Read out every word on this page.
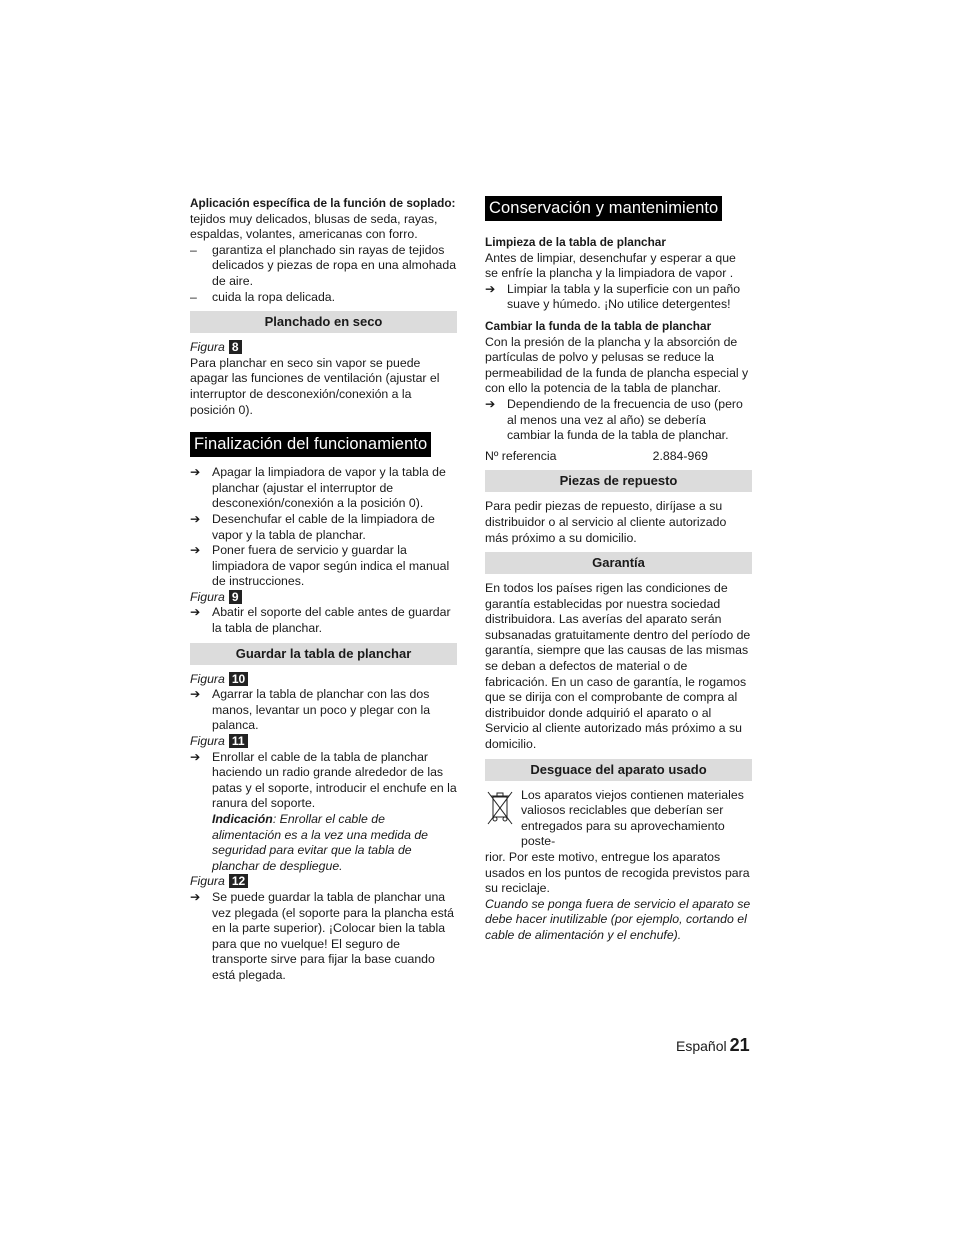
Aplicación específica de la función de soplado:

tejidos muy delicados, blusas de seda, rayas, espaldas, volantes, americanas con forro.

– garantiza el planchado sin rayas de tejidos delicados y piezas de ropa en una almohada de aire.

– cuida la ropa delicada.

Planchado en seco

Figura 8

Para planchar en seco sin vapor se puede apagar las funciones de ventilación (ajustar el interruptor de desconexión/conexión a la posición 0).

Finalización del funcionamiento

➔ Apagar la limpiadora de vapor y la tabla de planchar (ajustar el interruptor de desconexión/conexión a la posición 0).

➔ Desenchufar el cable de la limpiadora de vapor y la tabla de planchar.

➔ Poner fuera de servicio y guardar la limpiadora de vapor según indica el manual de instrucciones.

Figura 9

➔ Abatir el soporte del cable antes de guardar la tabla de planchar.

Guardar la tabla de planchar

Figura 10

➔ Agarrar la tabla de planchar con las dos manos, levantar un poco y plegar con la palanca.

Figura 11

➔ Enrollar el cable de la tabla de planchar haciendo un radio grande alrededor de las patas y el soporte, introducir el enchufe en la ranura del soporte.

Indicación: Enrollar el cable de alimentación es a la vez una medida de seguridad para evitar que la tabla de planchar de despliegue.

Figura 12

➔ Se puede guardar la tabla de planchar una vez plegada (el soporte para la plancha está en la parte superior). ¡Colocar bien la tabla para que no vuelque! El seguro de transporte sirve para fijar la base cuando está plegada.

Conservación y mantenimiento

Limpieza de la tabla de planchar

Antes de limpiar, desenchufar y esperar a que se enfríe la plancha y la limpiadora de vapor .

➔ Limpiar la tabla y la superficie con un paño suave y húmedo. ¡No utilice detergentes!

Cambiar la funda de la tabla de planchar

Con la presión de la plancha y la absorción de partículas de polvo y pelusas se reduce la permeabilidad de la funda de plancha especial y con ello la potencia de la tabla de planchar.

➔ Dependiendo de la frecuencia de uso (pero al menos una vez al año) se debería cambiar la funda de la tabla de planchar.

Nº referencia	2.884-969
Piezas de repuesto

Para pedir piezas de repuesto, diríjase a su distribuidor o al servicio al cliente autorizado más próximo a su domicilio.

Garantía

En todos los países rigen las condiciones de garantía establecidas por nuestra sociedad distribuidora. Las averías del aparato serán subsanadas gratuitamente dentro del período de garantía, siempre que las causas de las mismas se deban a defectos de material o de fabricación. En un caso de garantía, le rogamos que se dirija con el comprobante de compra al distribuidor donde adquirió el aparato o al Servicio al cliente autorizado más próximo a su domicilio.

Desguace del aparato usado

Los aparatos viejos contienen materiales valiosos reciclables que deberían ser entregados para su aprovechamiento poste-

rior. Por este motivo, entregue los aparatos usados en los puntos de recogida previstos para su reciclaje.

Cuando se ponga fuera de servicio el aparato se debe hacer inutilizable (por ejemplo, cortando el cable de alimentación y el enchufe).

Español 21
